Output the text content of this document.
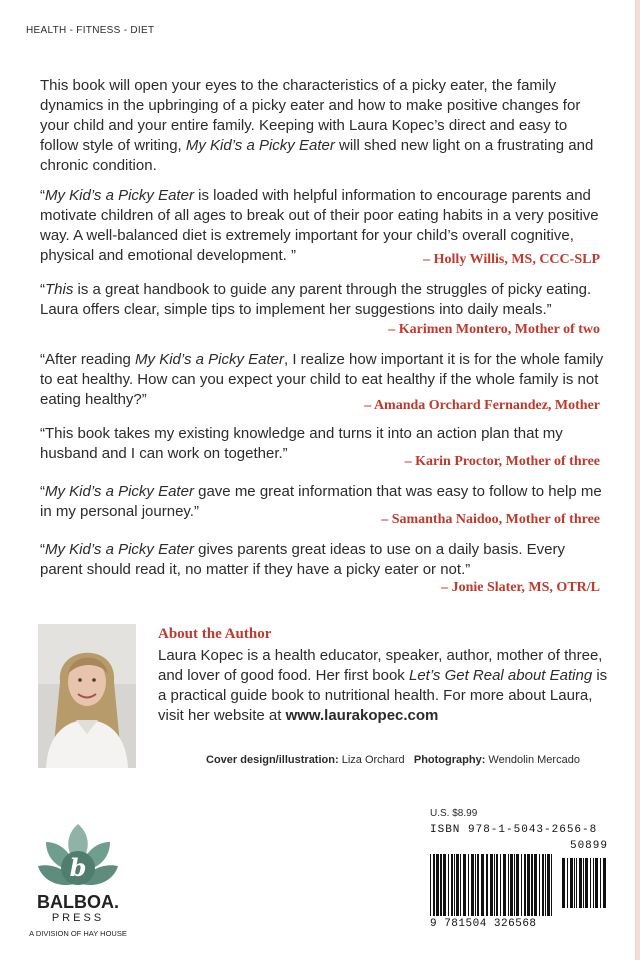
HEALTH - FITNESS - DIET
This book will open your eyes to the characteristics of a picky eater, the family dynamics in the upbringing of a picky eater and how to make positive changes for your child and your entire family. Keeping with Laura Kopec’s direct and easy to follow style of writing, My Kid’s a Picky Eater will shed new light on a frustrating and chronic condition.
“My Kid’s a Picky Eater is loaded with helpful information to encourage parents and motivate children of all ages to break out of their poor eating habits in a very positive way. A well-balanced diet is extremely important for your child’s overall cognitive, physical and emotional development. ”	– Holly Willis, MS, CCC-SLP
“This is a great handbook to guide any parent through the struggles of picky eating. Laura offers clear, simple tips to implement her suggestions into daily meals.”
– Karimen Montero, Mother of two
“After reading My Kid’s a Picky Eater, I realize how important it is for the whole family to eat healthy. How can you expect your child to eat healthy if the whole family is not eating healthy?”	– Amanda Orchard Fernandez, Mother
“This book takes my existing knowledge and turns it into an action plan that my husband and I can work on together.”	– Karin Proctor, Mother of three
“My Kid’s a Picky Eater gave me great information that was easy to follow to help me in my personal journey.”	– Samantha Naidoo, Mother of three
“My Kid’s a Picky Eater gives parents great ideas to use on a daily basis. Every parent should read it, no matter if they have a picky eater or not.”
– Jonie Slater, MS, OTR/L
About the Author
Laura Kopec is a health educator, speaker, author, mother of three, and lover of good food. Her first book Let’s Get Real about Eating is a practical guide book to nutritional health. For more about Laura, visit her website at www.laurakopec.com
Cover design/illustration: Liza Orchard Photography: Wendolin Mercado
b
BALBOA.
PRESS
A DIVISION OF HAY HOUSE
U.S. $8.99
ISBN 978-1-5043-2656-8
50899
9 781504 326568
